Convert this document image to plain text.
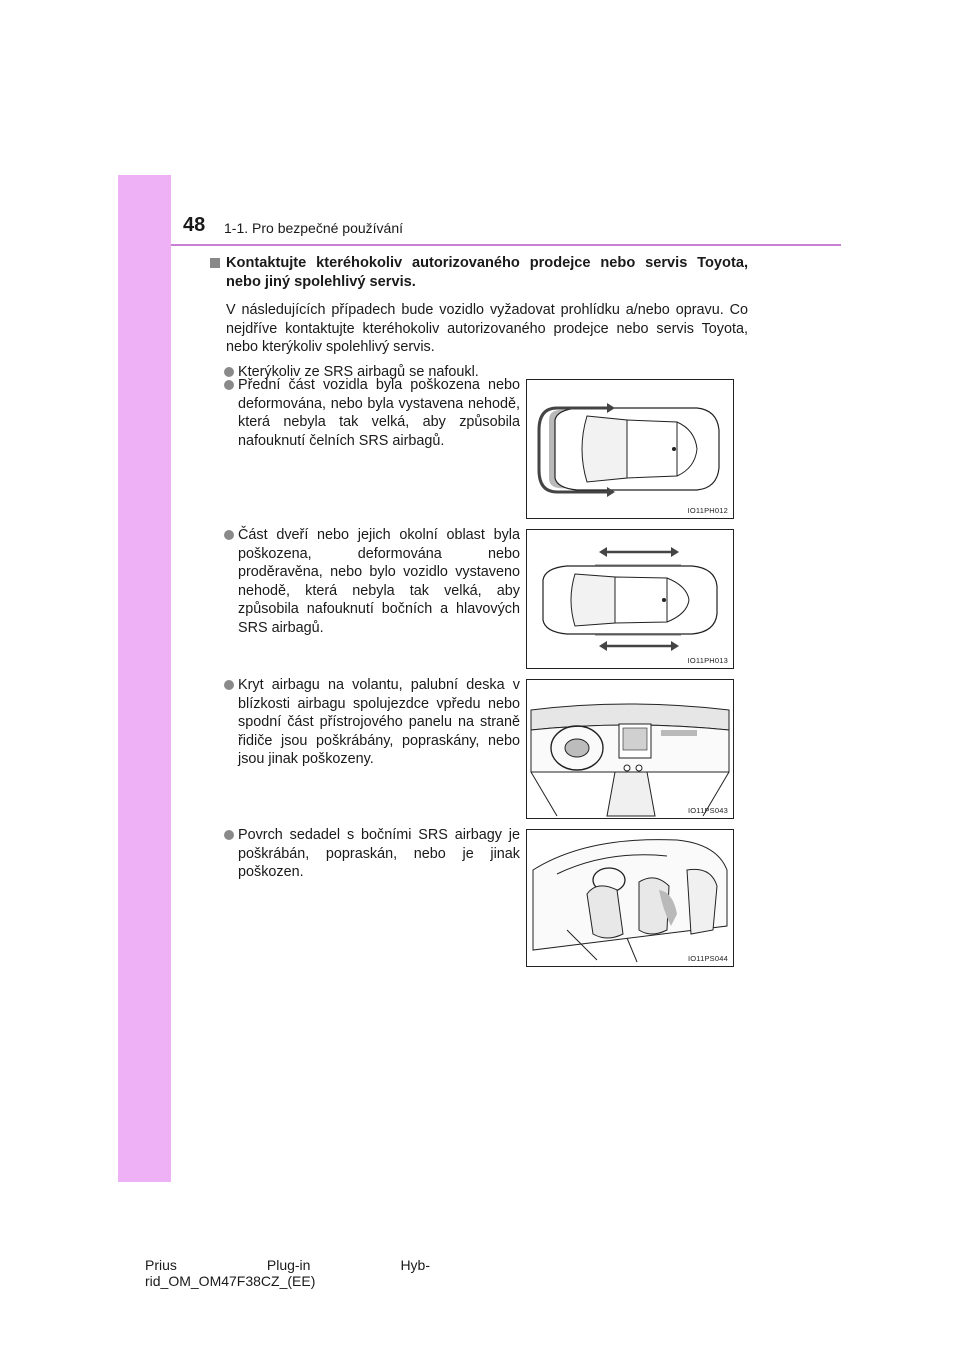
48 1-1. Pro bezpečné používání
Kontaktujte kteréhokoliv autorizovaného prodejce nebo servis Toyota, nebo jiný spolehlivý servis.
V následujících případech bude vozidlo vyžadovat prohlídku a/nebo opravu. Co nejdříve kontaktujte kteréhokoliv autorizovaného prodejce nebo servis Toyota, nebo kterýkoliv spolehlivý servis.
Kterýkoliv ze SRS airbagů se nafoukl.
Přední část vozidla byla poškozena nebo deformována, nebo byla vystavena nehodě, která nebyla tak velká, aby způsobila nafouknutí čelních SRS airbagů.
IO11PH012
Část dveří nebo jejich okolní oblast byla poškozena, deformována nebo proděravěna, nebo bylo vozidlo vystaveno nehodě, která nebyla tak velká, aby způsobila nafouknutí bočních a hlavových SRS airbagů.
IO11PH013
Kryt airbagu na volantu, palubní deska v blízkosti airbagu spolujezdce vpředu nebo spodní část přístrojového panelu na straně řidiče jsou poškrábány, popraskány, nebo jsou jinak poškozeny.
IO11PS043
Povrch sedadel s bočními SRS airbagy je poškrábán, popraskán, nebo je jinak poškozen.
IO11PS044
Prius	Plug-in	Hyb-
rid_OM_OM47F38CZ_(EE)
